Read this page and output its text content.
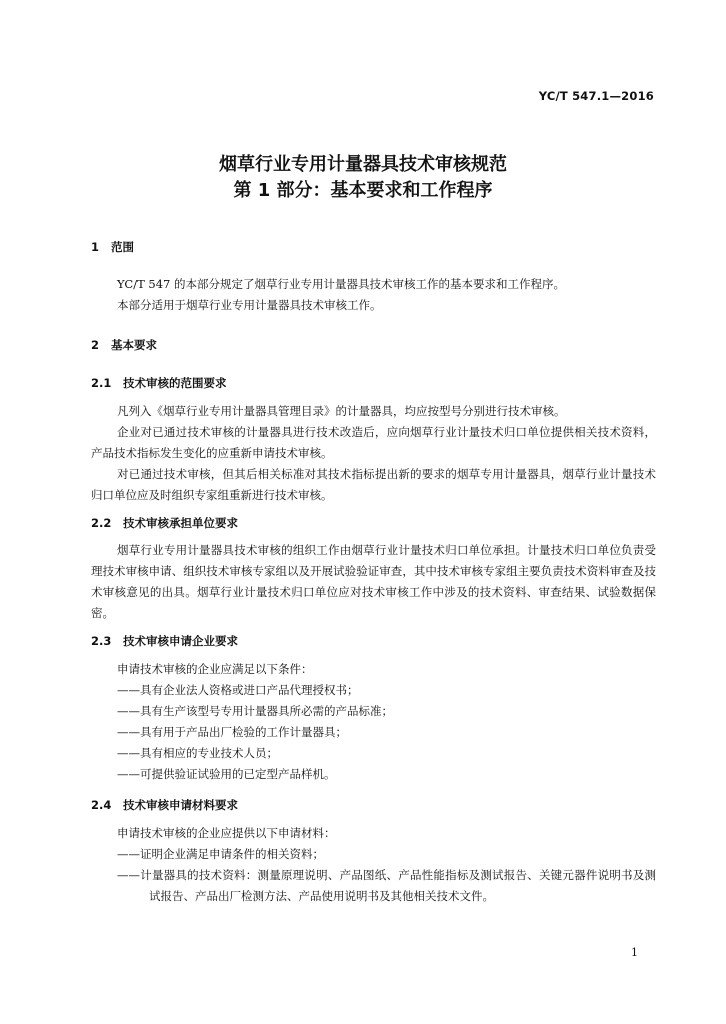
YC/T 547.1—2016
烟草行业专用计量器具技术审核规范
第 1 部分：基本要求和工作程序
1 范围

YC/T 547 的本部分规定了烟草行业专用计量器具技术审核工作的基本要求和工作程序。

本部分适用于烟草行业专用计量器具技术审核工作。

2 基本要求
2.1 技术审核的范围要求

凡列入《烟草行业专用计量器具管理目录》的计量器具，均应按型号分别进行技术审核。

企业对已通过技术审核的计量器具进行技术改造后，应向烟草行业计量技术归口单位提供相关技术资料，产品技术指标发生变化的应重新申请技术审核。

对已通过技术审核，但其后相关标准对其技术指标提出新的要求的烟草专用计量器具，烟草行业计量技术归口单位应及时组织专家组重新进行技术审核。

2.2 技术审核承担单位要求

烟草行业专用计量器具技术审核的组织工作由烟草行业计量技术归口单位承担。计量技术归口单位负责受理技术审核申请、组织技术审核专家组以及开展试验验证审查，其中技术审核专家组主要负责技术资料审查及技术审核意见的出具。烟草行业计量技术归口单位应对技术审核工作中涉及的技术资料、审查结果、试验数据保密。

2.3 技术审核申请企业要求

申请技术审核的企业应满足以下条件：

——具有企业法人资格或进口产品代理授权书；

——具有生产该型号专用计量器具所必需的产品标准；

——具有用于产品出厂检验的工作计量器具；

——具有相应的专业技术人员；

——可提供验证试验用的已定型产品样机。

2.4 技术审核申请材料要求

申请技术审核的企业应提供以下申请材料：

——证明企业满足申请条件的相关资料；

——计量器具的技术资料：测量原理说明、产品图纸、产品性能指标及测试报告、关键元器件说明书及测试报告、产品出厂检测方法、产品使用说明书及其他相关技术文件。

1
